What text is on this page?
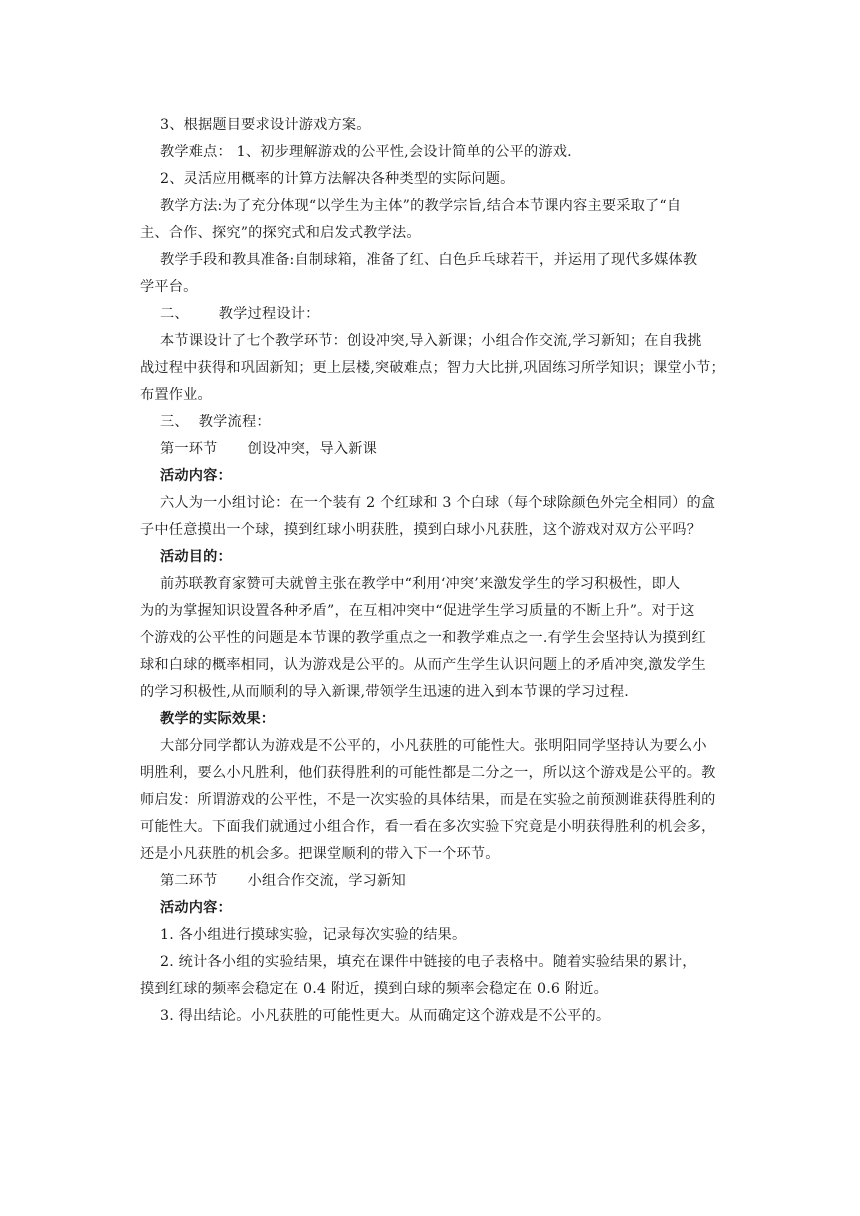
3、根据题目要求设计游戏方案。

教学难点： 1、初步理解游戏的公平性,会设计简单的公平的游戏.

2、灵活应用概率的计算方法解决各种类型的实际问题。

教学方法:为了充分体现“以学生为主体”的教学宗旨,结合本节课内容主要采取了“自

主、合作、探究”的探究式和启发式教学法。

教学手段和教具准备:自制球箱，准备了红、白色乒乓球若干，并运用了现代多媒体教

学平台。

二、 教学过程设计：

本节课设计了七个教学环节：创设冲突,导入新课；小组合作交流,学习新知；在自我挑

战过程中获得和巩固新知；更上层楼,突破难点；智力大比拼,巩固练习所学知识；课堂小节；

布置作业。

三、 教学流程：

第一环节 创设冲突，导入新课

活动内容：

六人为一小组讨论：在一个装有 2 个红球和 3 个白球（每个球除颜色外完全相同）的盒

子中任意摸出一个球，摸到红球小明获胜，摸到白球小凡获胜，这个游戏对双方公平吗？

活动目的：

前苏联教育家赞可夫就曾主张在教学中“利用‘冲突’来激发学生的学习积极性，即人

为的为掌握知识设置各种矛盾”，在互相冲突中“促进学生学习质量的不断上升”。对于这

个游戏的公平性的问题是本节课的教学重点之一和教学难点之一.有学生会坚持认为摸到红

球和白球的概率相同，认为游戏是公平的。从而产生学生认识问题上的矛盾冲突,激发学生

的学习积极性,从而顺利的导入新课,带领学生迅速的进入到本节课的学习过程.

教学的实际效果：

大部分同学都认为游戏是不公平的，小凡获胜的可能性大。张明阳同学坚持认为要么小

明胜利，要么小凡胜利，他们获得胜利的可能性都是二分之一，所以这个游戏是公平的。教

师启发：所谓游戏的公平性，不是一次实验的具体结果，而是在实验之前预测谁获得胜利的

可能性大。下面我们就通过小组合作，看一看在多次实验下究竟是小明获得胜利的机会多，

还是小凡获胜的机会多。把课堂顺利的带入下一个环节。

第二环节 小组合作交流，学习新知

活动内容：

1. 各小组进行摸球实验，记录每次实验的结果。

2. 统计各小组的实验结果，填充在课件中链接的电子表格中。随着实验结果的累计，

摸到红球的频率会稳定在 0.4 附近，摸到白球的频率会稳定在 0.6 附近。

3. 得出结论。小凡获胜的可能性更大。从而确定这个游戏是不公平的。
